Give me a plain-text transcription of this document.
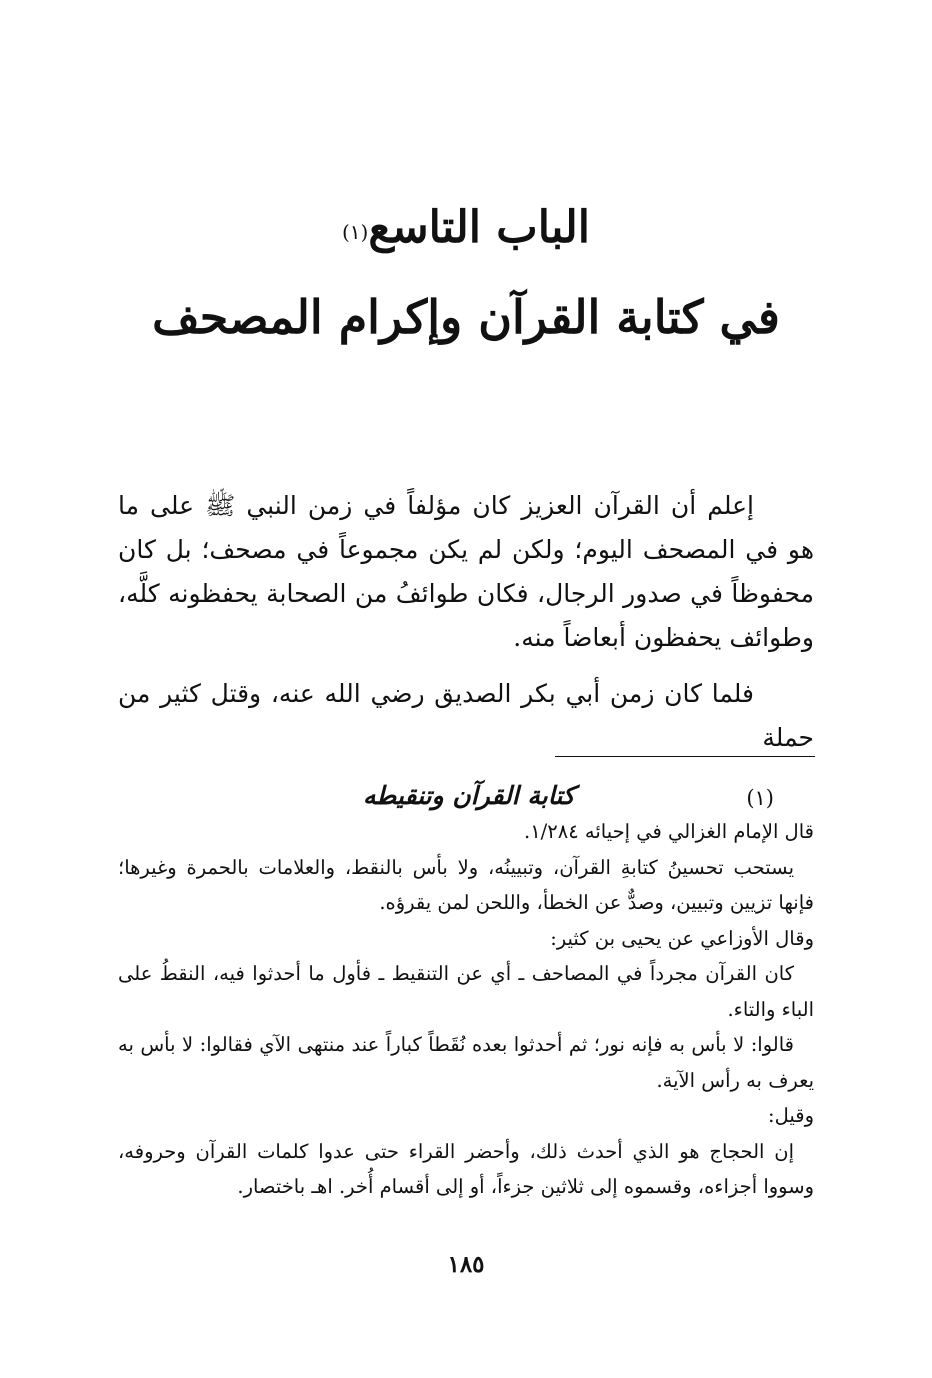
الباب التاسع$^{(١)}$
في كتابة القرآن وإكرام المصحف

إعلم أن القرآن العزيز كان مؤلفاً في زمن النبي ﷺ على ما هو في المصحف اليوم؛ ولكن لم يكن مجموعاً في مصحف؛ بل كان محفوظاً في صدور الرجال، فكان طوائفُ من الصحابة يحفظونه كلَّه، وطوائف يحفظون أبعاضاً منه.

فلما كان زمن أبي بكر الصديق رضي الله عنه، وقتل كثير من حملة

(١)
كتابة القرآن وتنقيطه

قال الإمام الغزالي في إحيائه ١/٢٨٤.

يستحب تحسينُ كتابةِ القرآن، وتبيينُه، ولا بأس بالنقط، والعلامات بالحمرة وغيرها؛ فإنها تزيين وتبيين، وصدٌّ عن الخطأ، واللحن لمن يقرؤه.

وقال الأوزاعي عن يحيى بن كثير:

كان القرآن مجرداً في المصاحف ـ أي عن التنقيط ـ فأول ما أحدثوا فيه، النقطُ على الباء والتاء.

قالوا: لا بأس به فإنه نور؛ ثم أحدثوا بعده نُقَطاً كباراً عند منتهى الآي فقالوا: لا بأس به يعرف به رأس الآية.

وقيل:

إن الحجاج هو الذي أحدث ذلك، وأحضر القراء حتى عدوا كلمات القرآن وحروفه، وسووا أجزاءه، وقسموه إلى ثلاثين جزءاً، أو إلى أقسام أُخر. اهـ باختصار.

١٨٥
